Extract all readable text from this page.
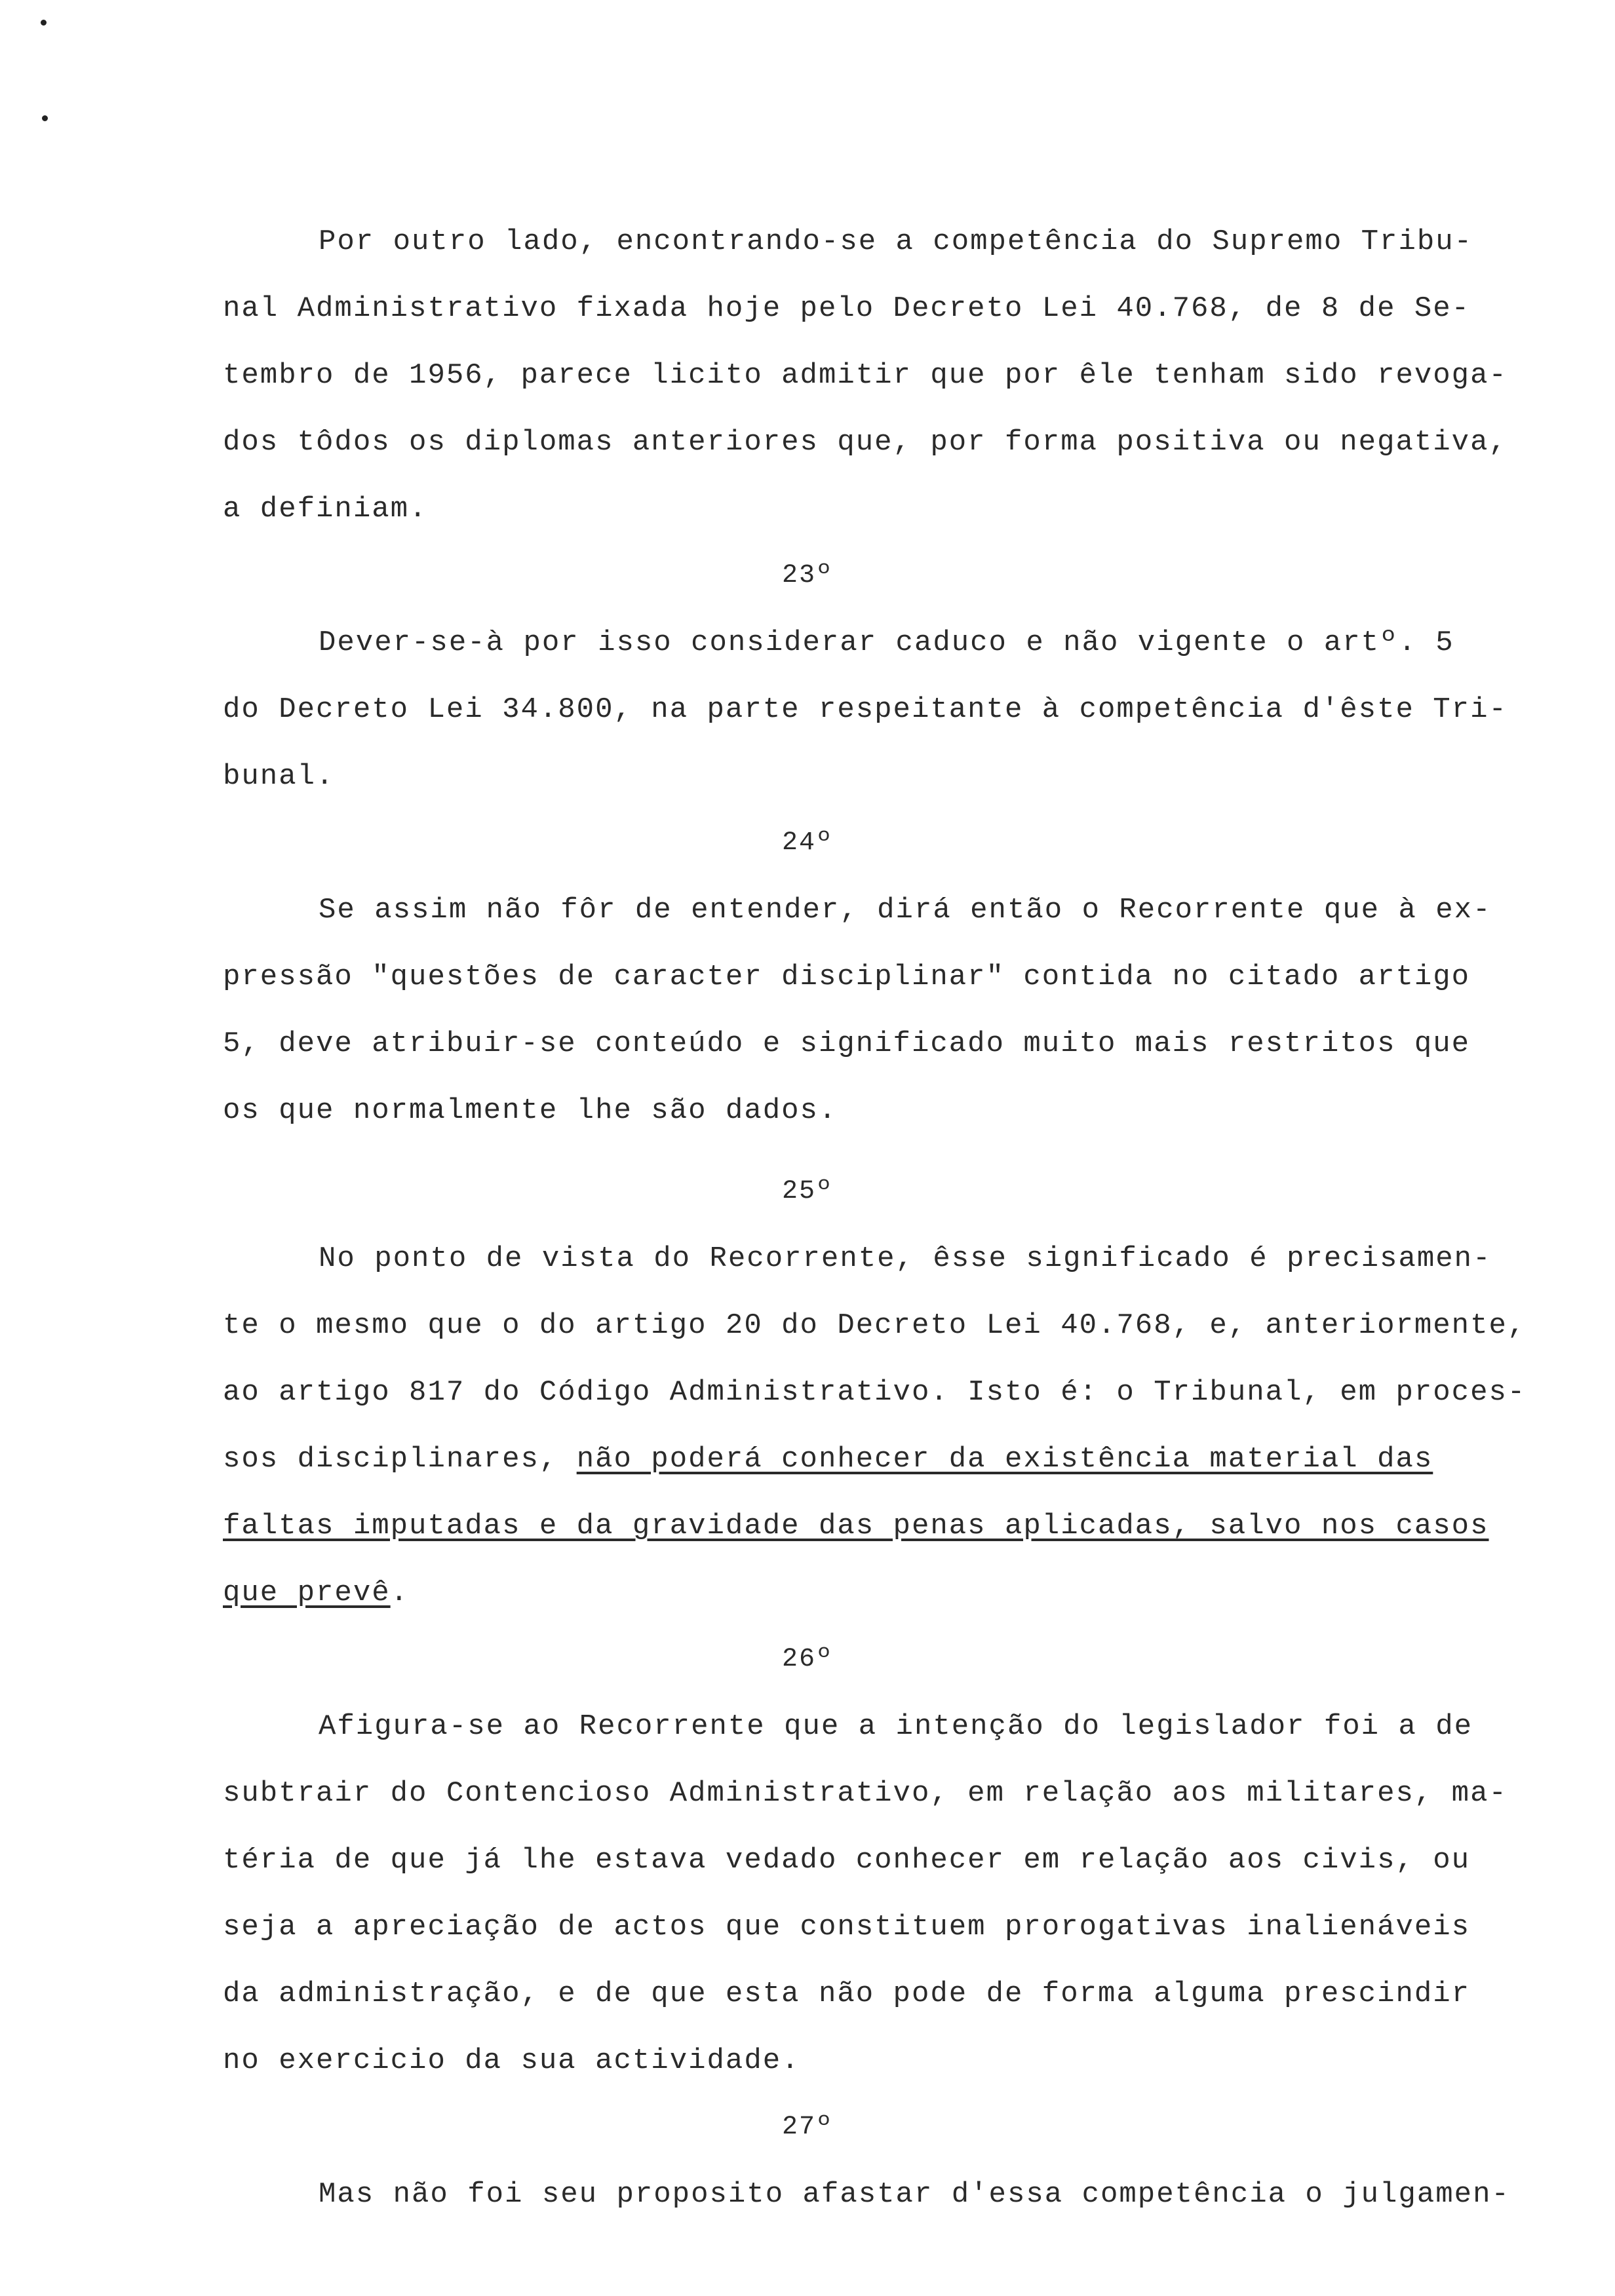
Por outro lado, encontrando-se a competência do Supremo Tribu-
nal Administrativo fixada hoje pelo Decreto Lei 40.768, de 8 de Se-
tembro de 1956, parece licito admitir que por êle tenham sido revoga-
dos tôdos os diplomas anteriores que, por forma positiva ou negativa,
a definiam.
23º
Dever-se-à por isso considerar caduco e não vigente o artº. 5
do Decreto Lei 34.800, na parte respeitante à competência d'êste Tri-
bunal.
24º
Se assim não fôr de entender, dirá então o Recorrente que à ex-
pressão "questões de caracter disciplinar" contida no citado artigo
5, deve atribuir-se conteúdo e significado muito mais restritos que
os que normalmente lhe são dados.
25º
No ponto de vista do Recorrente, êsse significado é precisamen-
te o mesmo que o do artigo 20 do Decreto Lei 40.768, e, anteriormente,
ao artigo 817 do Código Administrativo. Isto é: o Tribunal, em proces-
sos disciplinares, não poderá conhecer da existência material das
faltas imputadas e da gravidade das penas aplicadas, salvo nos casos
que prevê.
26º
Afigura-se ao Recorrente que a intenção do legislador foi a de
subtrair do Contencioso Administrativo, em relação aos militares, ma-
téria de que já lhe estava vedado conhecer em relação aos civis, ou
seja a apreciação de actos que constituem prorogativas inalienáveis
da administração, e de que esta não pode de forma alguma prescindir
no exercicio da sua actividade.
27º
Mas não foi seu proposito afastar d'essa competência o julgamen-
